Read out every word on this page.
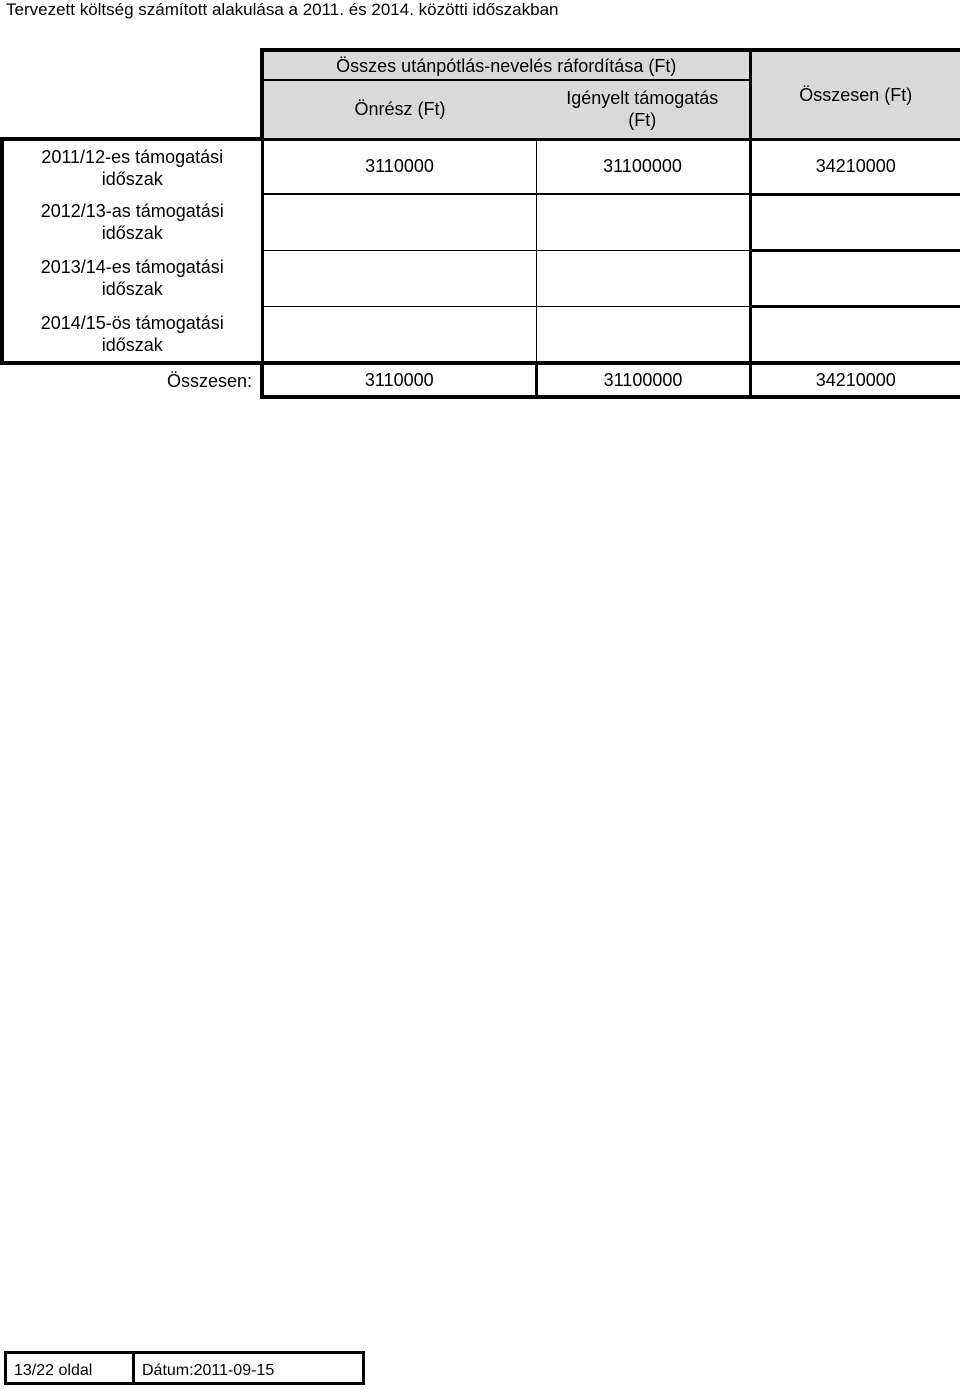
Tervezett költség számított alakulása a 2011. és 2014. közötti időszakban
	Összes utánpótlás-nevelés ráfordítása (Ft)		Összesen (Ft)
	Önrész (Ft)	Igényelt támogatás (Ft)	
2011/12-es támogatási időszak	3110000	31100000	34210000
2012/13-as támogatási időszak			
2013/14-es támogatási időszak			
2014/15-ös támogatási időszak			
Összesen:	3110000	31100000	34210000
13/22 oldal	Dátum:2011-09-15
